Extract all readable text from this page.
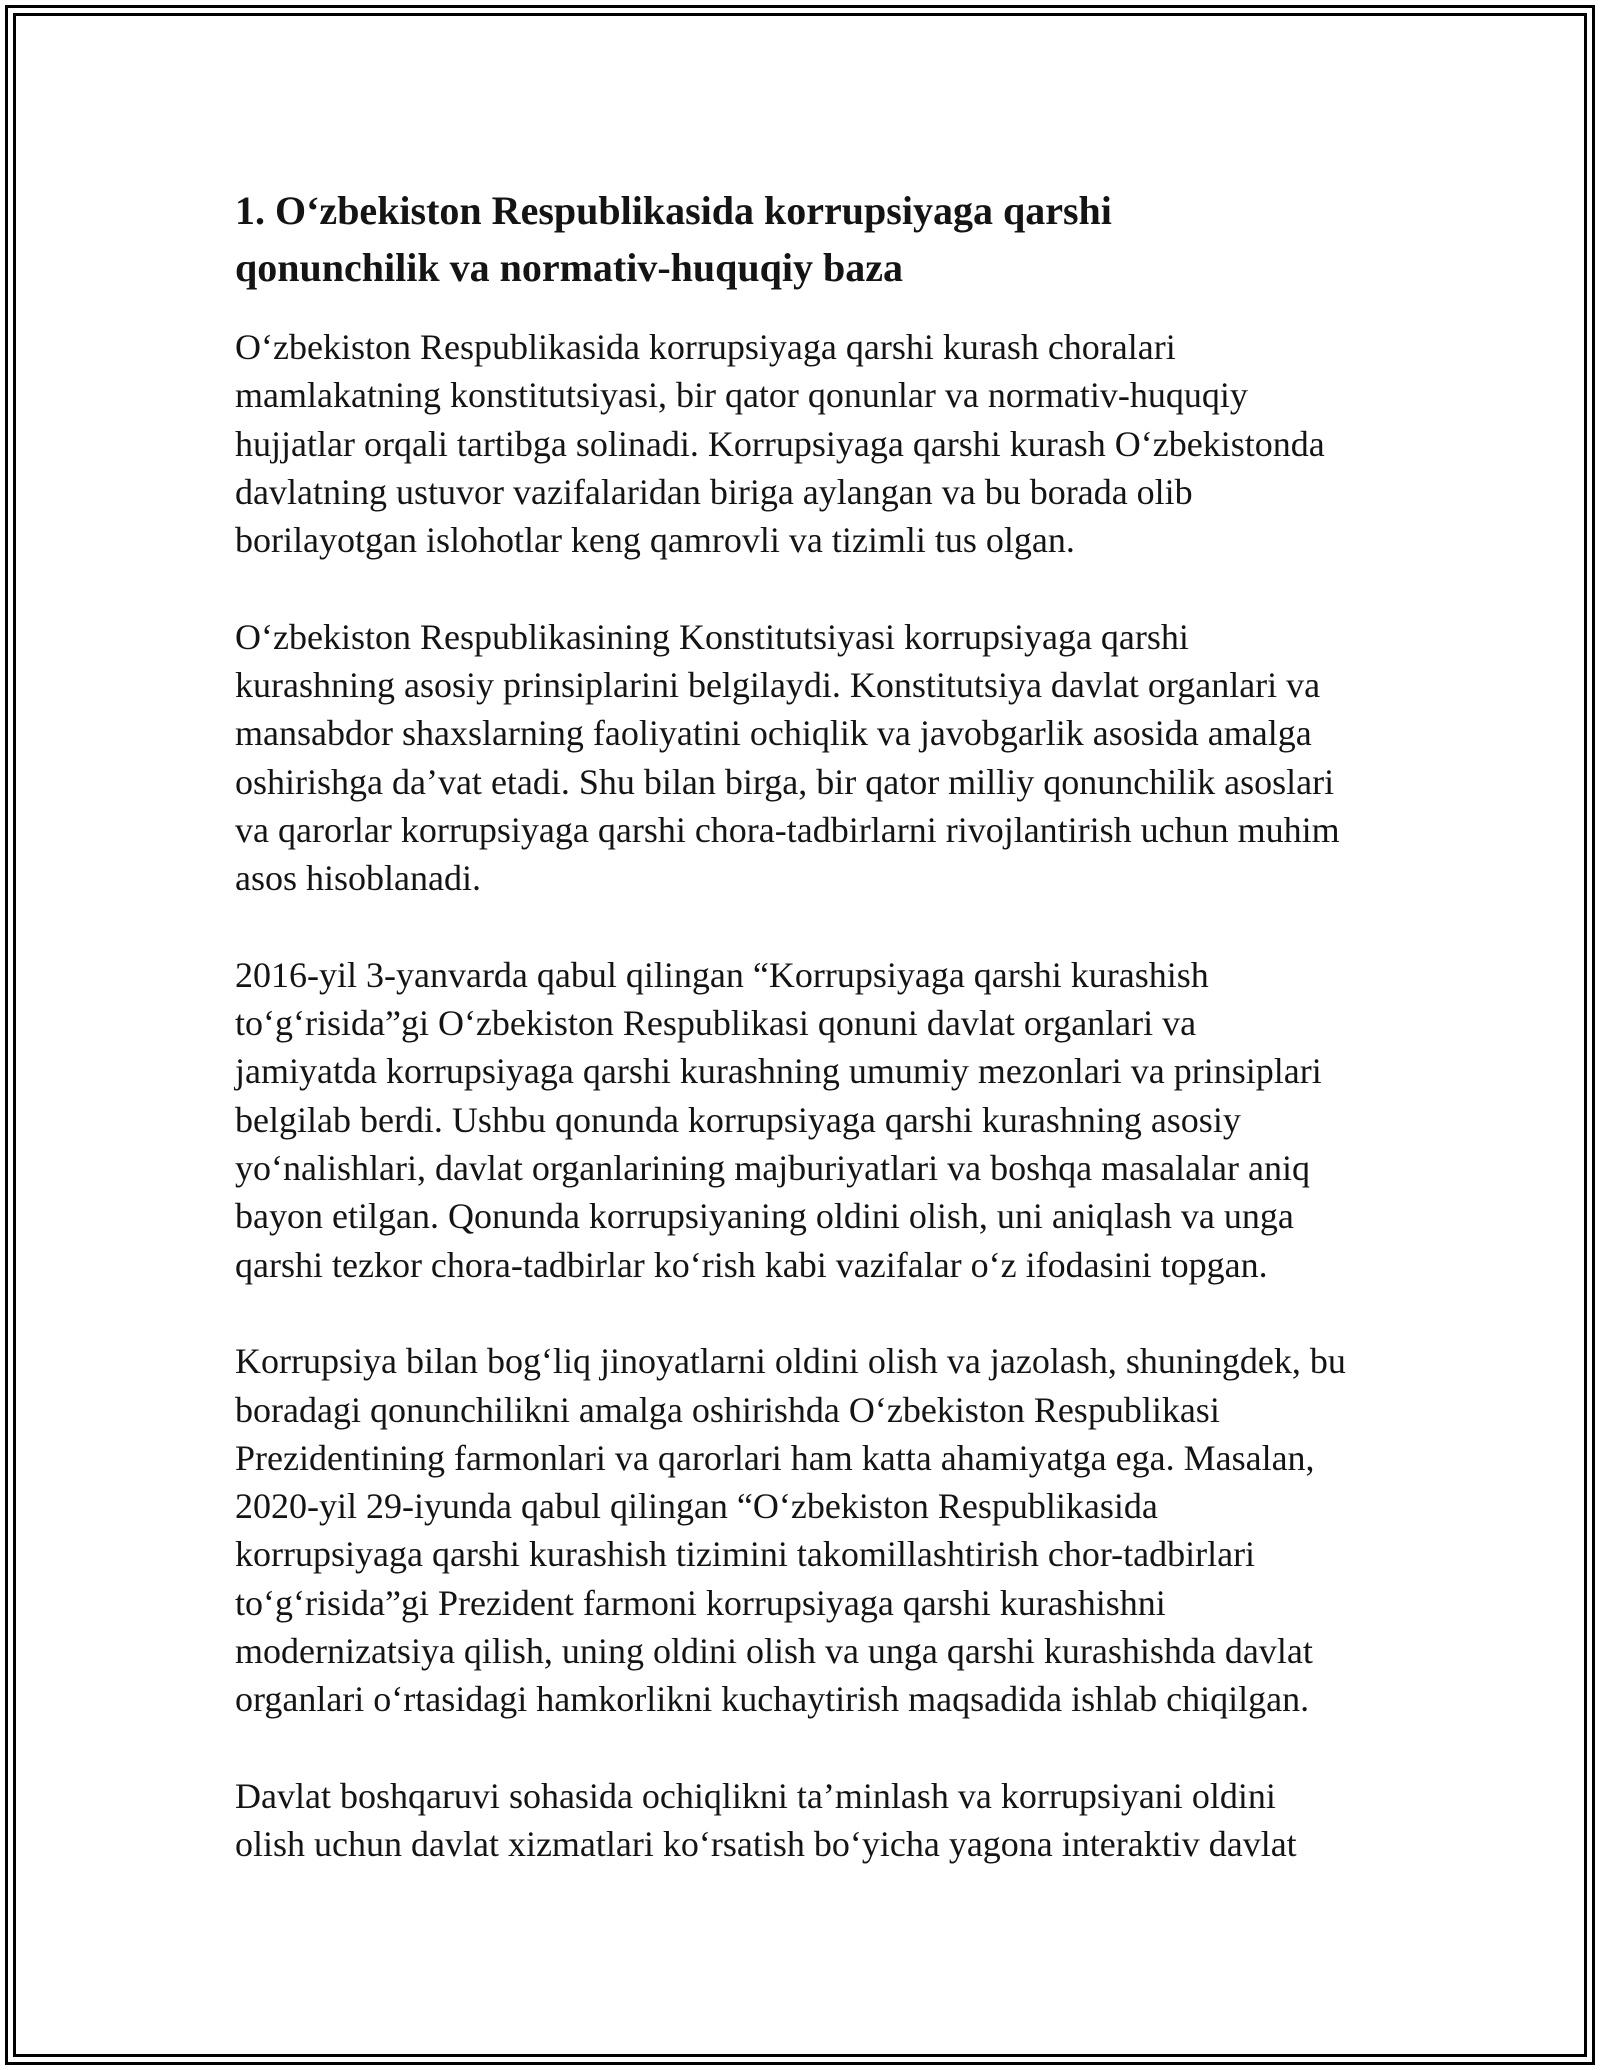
1. O‘zbekiston Respublikasida korrupsiyaga qarshi
qonunchilik va normativ-huquqiy baza

O‘zbekiston Respublikasida korrupsiyaga qarshi kurash choralari
mamlakatning konstitutsiyasi, bir qator qonunlar va normativ-huquqiy
hujjatlar orqali tartibga solinadi. Korrupsiyaga qarshi kurash O‘zbekistonda
davlatning ustuvor vazifalaridan biriga aylangan va bu borada olib
borilayotgan islohotlar keng qamrovli va tizimli tus olgan.

O‘zbekiston Respublikasining Konstitutsiyasi korrupsiyaga qarshi
kurashning asosiy prinsiplarini belgilaydi. Konstitutsiya davlat organlari va
mansabdor shaxslarning faoliyatini ochiqlik va javobgarlik asosida amalga
oshirishga da’vat etadi. Shu bilan birga, bir qator milliy qonunchilik asoslari
va qarorlar korrupsiyaga qarshi chora-tadbirlarni rivojlantirish uchun muhim
asos hisoblanadi.

2016-yil 3-yanvarda qabul qilingan “Korrupsiyaga qarshi kurashish
to‘g‘risida”gi O‘zbekiston Respublikasi qonuni davlat organlari va
jamiyatda korrupsiyaga qarshi kurashning umumiy mezonlari va prinsiplari
belgilab berdi. Ushbu qonunda korrupsiyaga qarshi kurashning asosiy
yo‘nalishlari, davlat organlarining majburiyatlari va boshqa masalalar aniq
bayon etilgan. Qonunda korrupsiyaning oldini olish, uni aniqlash va unga
qarshi tezkor chora-tadbirlar ko‘rish kabi vazifalar o‘z ifodasini topgan.

Korrupsiya bilan bog‘liq jinoyatlarni oldini olish va jazolash, shuningdek, bu
boradagi qonunchilikni amalga oshirishda O‘zbekiston Respublikasi
Prezidentining farmonlari va qarorlari ham katta ahamiyatga ega. Masalan,
2020-yil 29-iyunda qabul qilingan “O‘zbekiston Respublikasida
korrupsiyaga qarshi kurashish tizimini takomillashtirish chor-tadbirlari
to‘g‘risida”gi Prezident farmoni korrupsiyaga qarshi kurashishni
modernizatsiya qilish, uning oldini olish va unga qarshi kurashishda davlat
organlari o‘rtasidagi hamkorlikni kuchaytirish maqsadida ishlab chiqilgan.

Davlat boshqaruvi sohasida ochiqlikni ta’minlash va korrupsiyani oldini
olish uchun davlat xizmatlari ko‘rsatish bo‘yicha yagona interaktiv davlat
